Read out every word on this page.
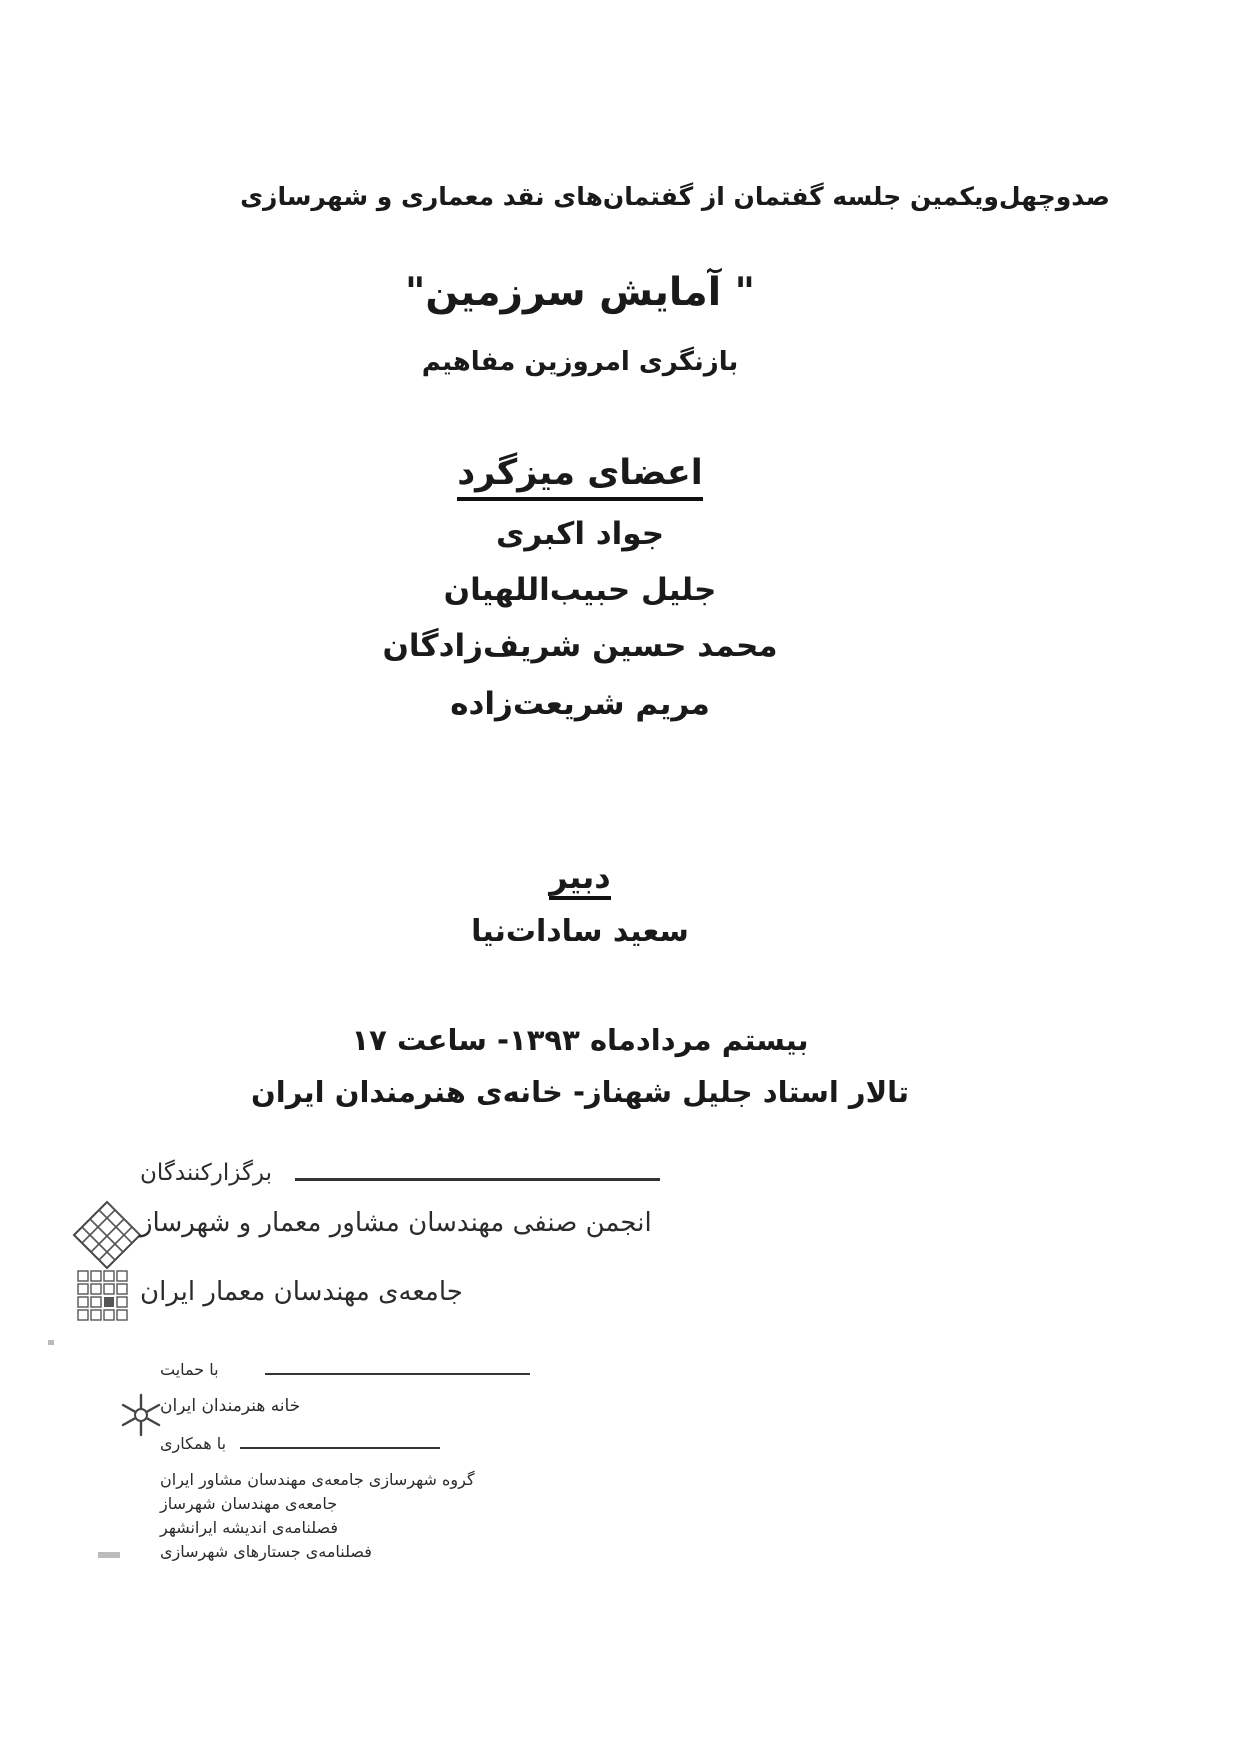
صدوچهل‌ویکمین جلسه گفتمان از گفتمان‌های نقد معماری و شهرسازی
" آمایش سرزمین"
بازنگری امروزین مفاهیم
اعضای میزگرد
جواد اکبری
جلیل حبیب‌اللهیان
محمد حسین شریف‌زادگان
مریم شریعت‌زاده
دبیر
سعید سادات‌نیا
بیستم مردادماه ۱۳۹۳- ساعت ۱۷
تالار استاد جلیل شهناز- خانه‌ی هنرمندان ایران
برگزارکنندگان
انجمن صنفی مهندسان مشاور معمار و شهرساز
جامعه‌ی مهندسان معمار ایران
با حمایت
خانه هنرمندان ایران
با همکاری
گروه شهرسازی جامعه‌ی مهندسان مشاور ایران
جامعه‌ی مهندسان شهرساز
فصلنامه‌ی اندیشه ایرانشهر
فصلنامه‌ی جستارهای شهرسازی
